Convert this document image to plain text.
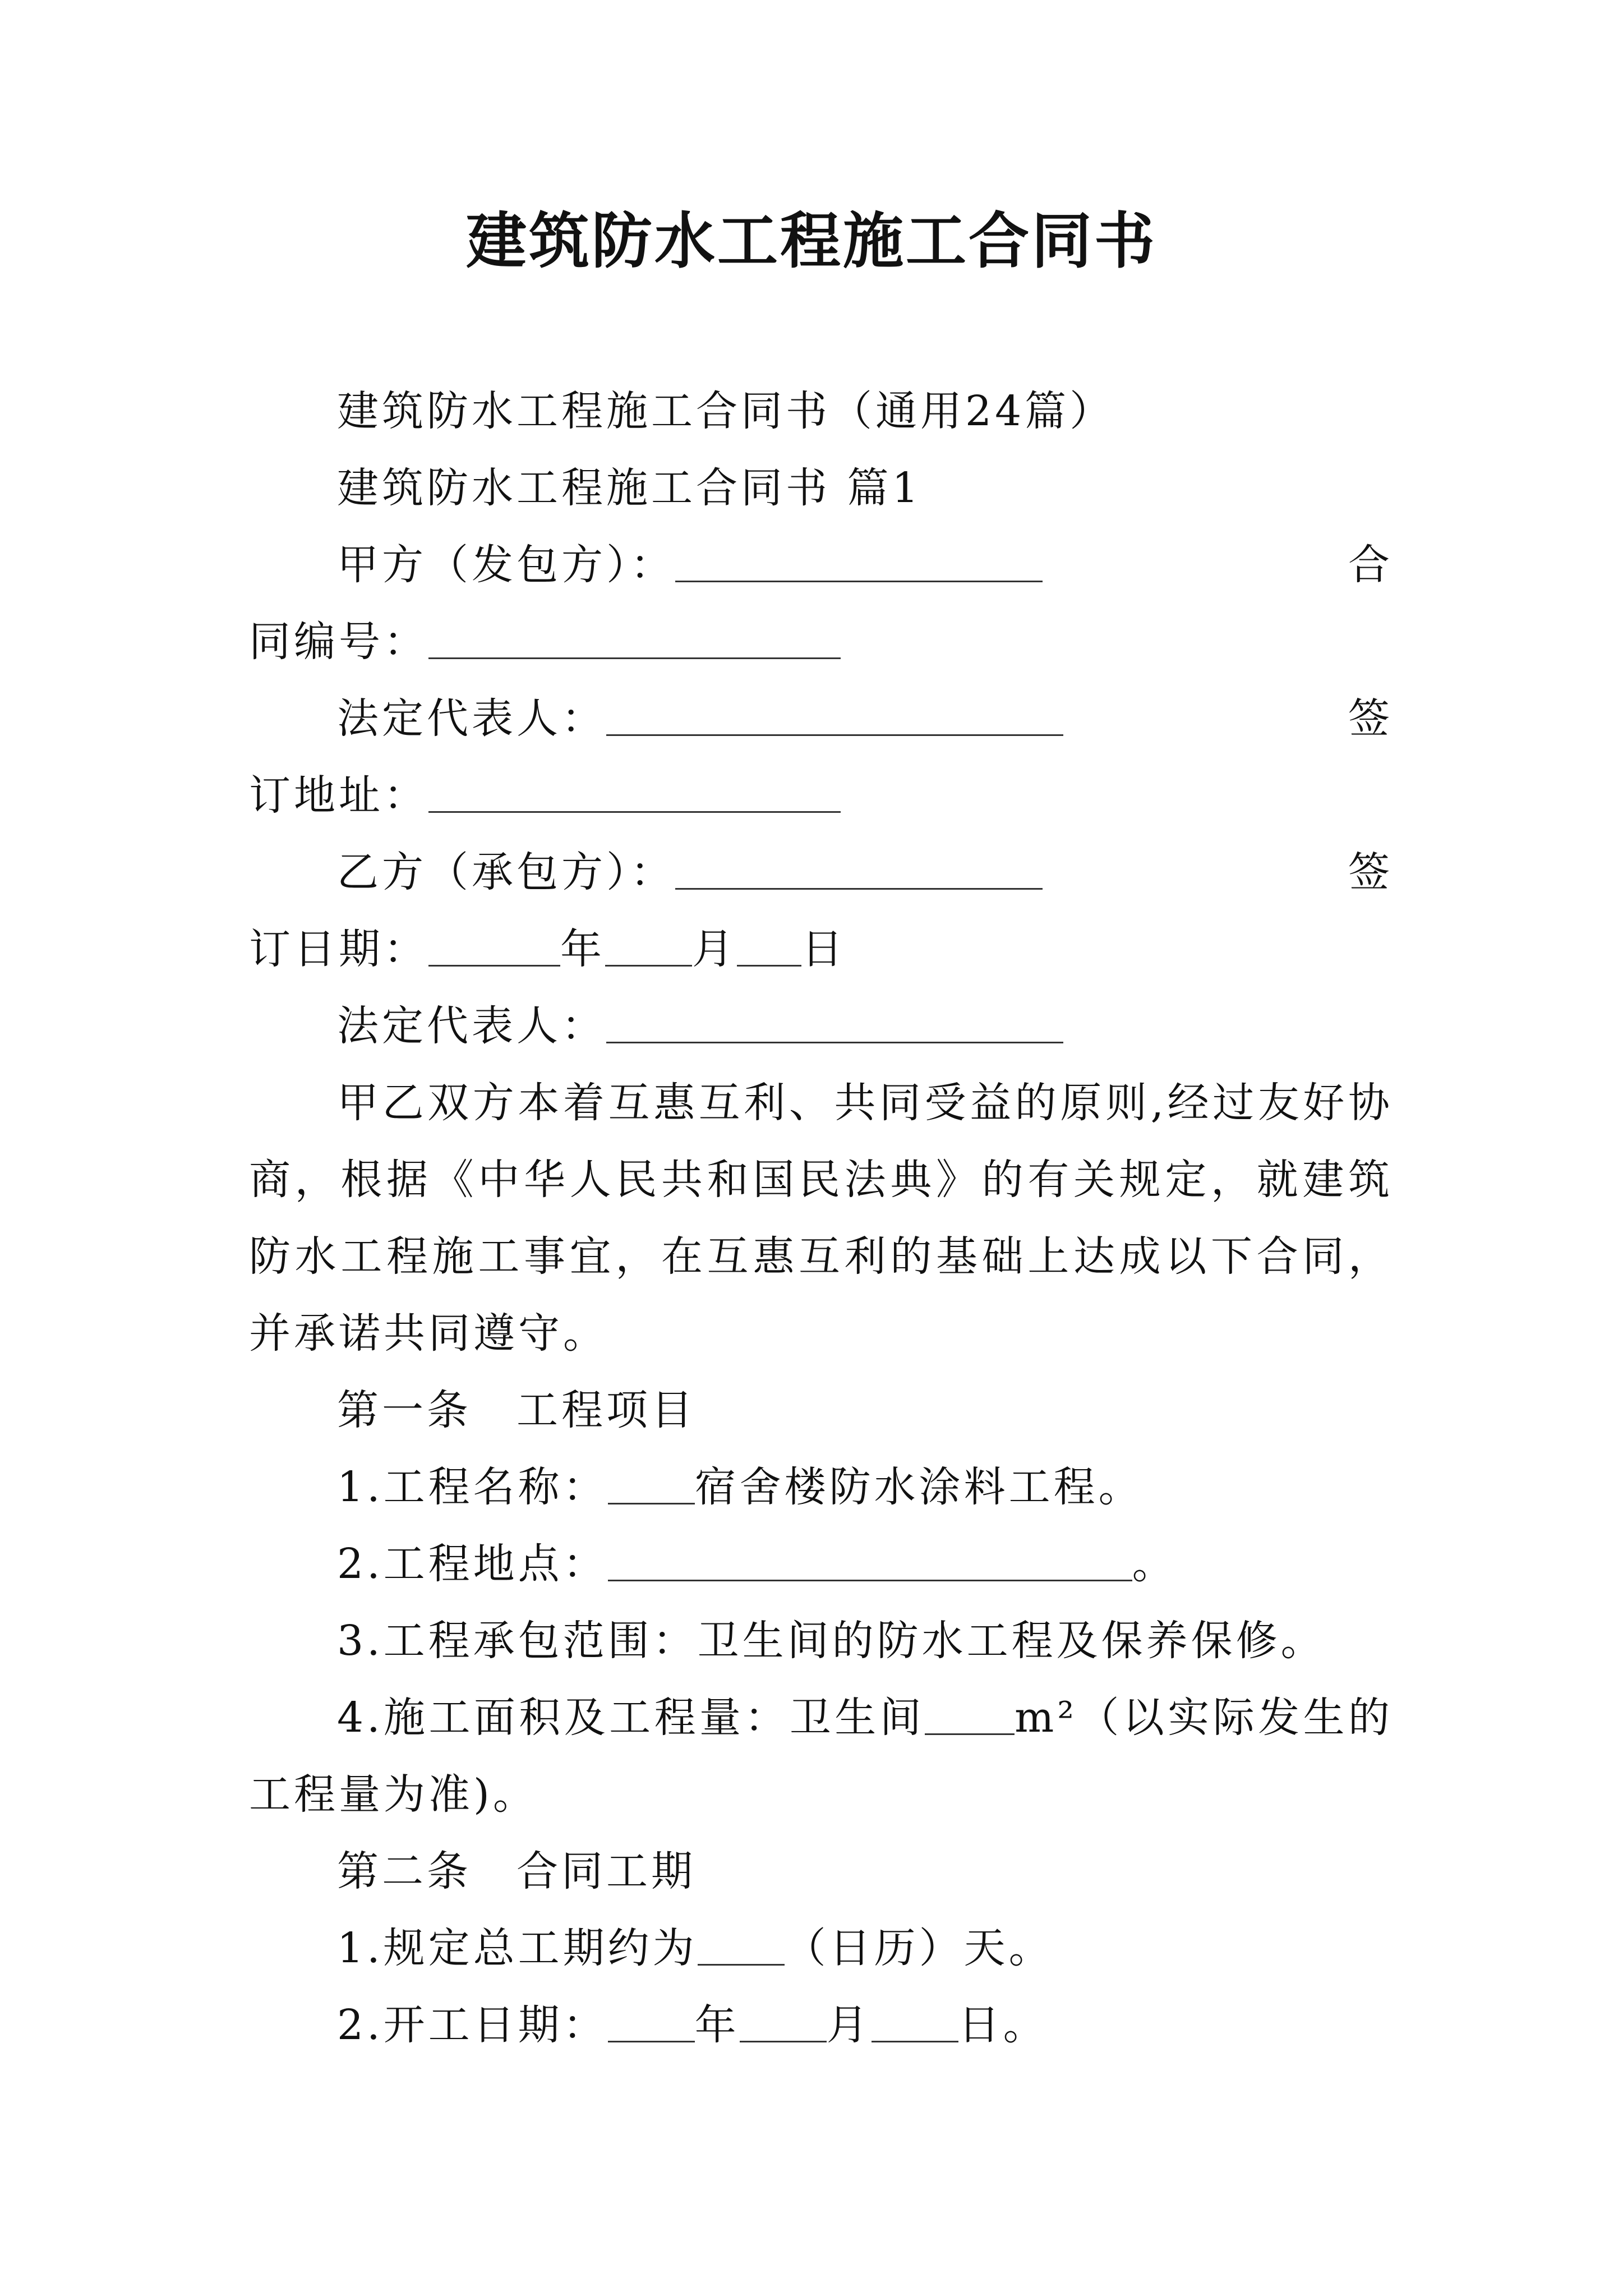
建筑防水工程施工合同书
建筑防水工程施工合同书（通用24篇）
建筑防水工程施工合同书 篇1
甲方（发包方）：	合
同编号：
法定代表人：	签
订地址：
乙方（承包方）：	签
订日期：	年 月 日
法定代表人：
甲乙双方本着互惠互利、共同受益的原则,经过友好协商，根据《中华人民共和国民法典》的有关规定，就建筑防水工程施工事宜，在互惠互利的基础上达成以下合同，并承诺共同遵守。
第一条 工程项目
1.工程名称： 宿舍楼防水涂料工程。
2.工程地点：	。
3.工程承包范围：卫生间的防水工程及保养保修。
4.施工面积及工程量：卫生间 m²（以实际发生的工程量为准)。
第二条 合同工期
1.规定总工期约为 （日历）天。
2.开工日期： 年 月 日。
